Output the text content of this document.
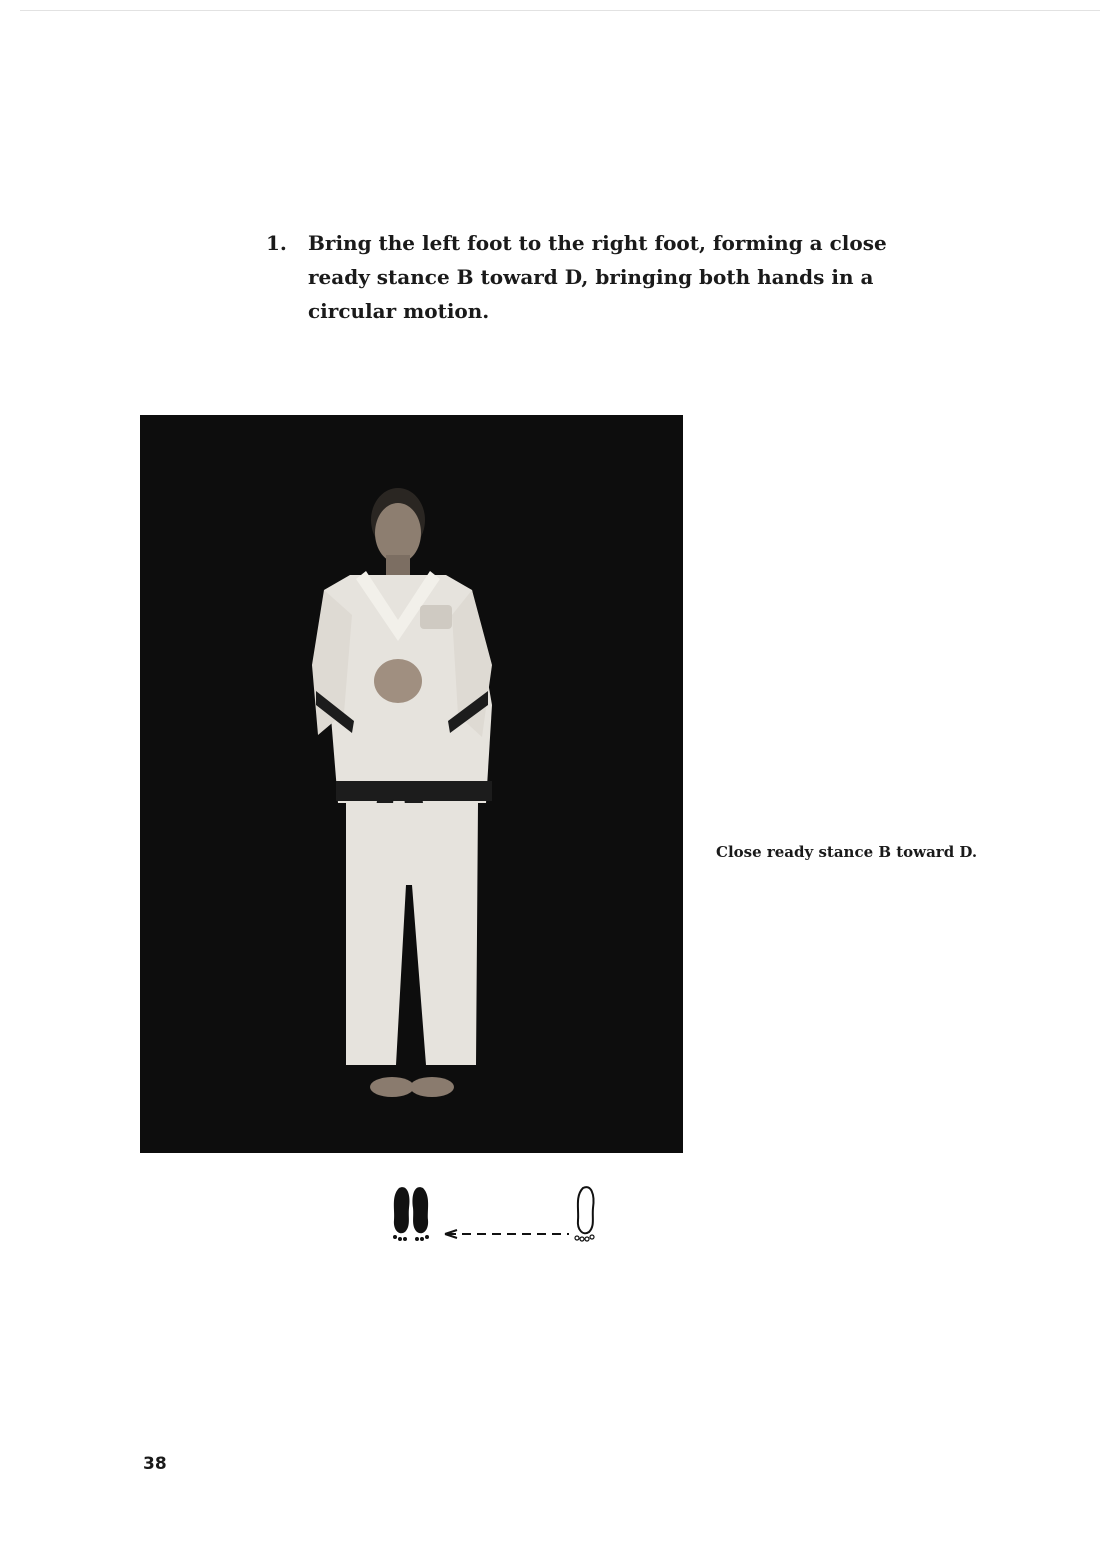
1.	Bring the left foot to the right foot, forming a close ready stance B toward D, bringing both hands in a circular motion.
Close ready stance B toward D.
38
